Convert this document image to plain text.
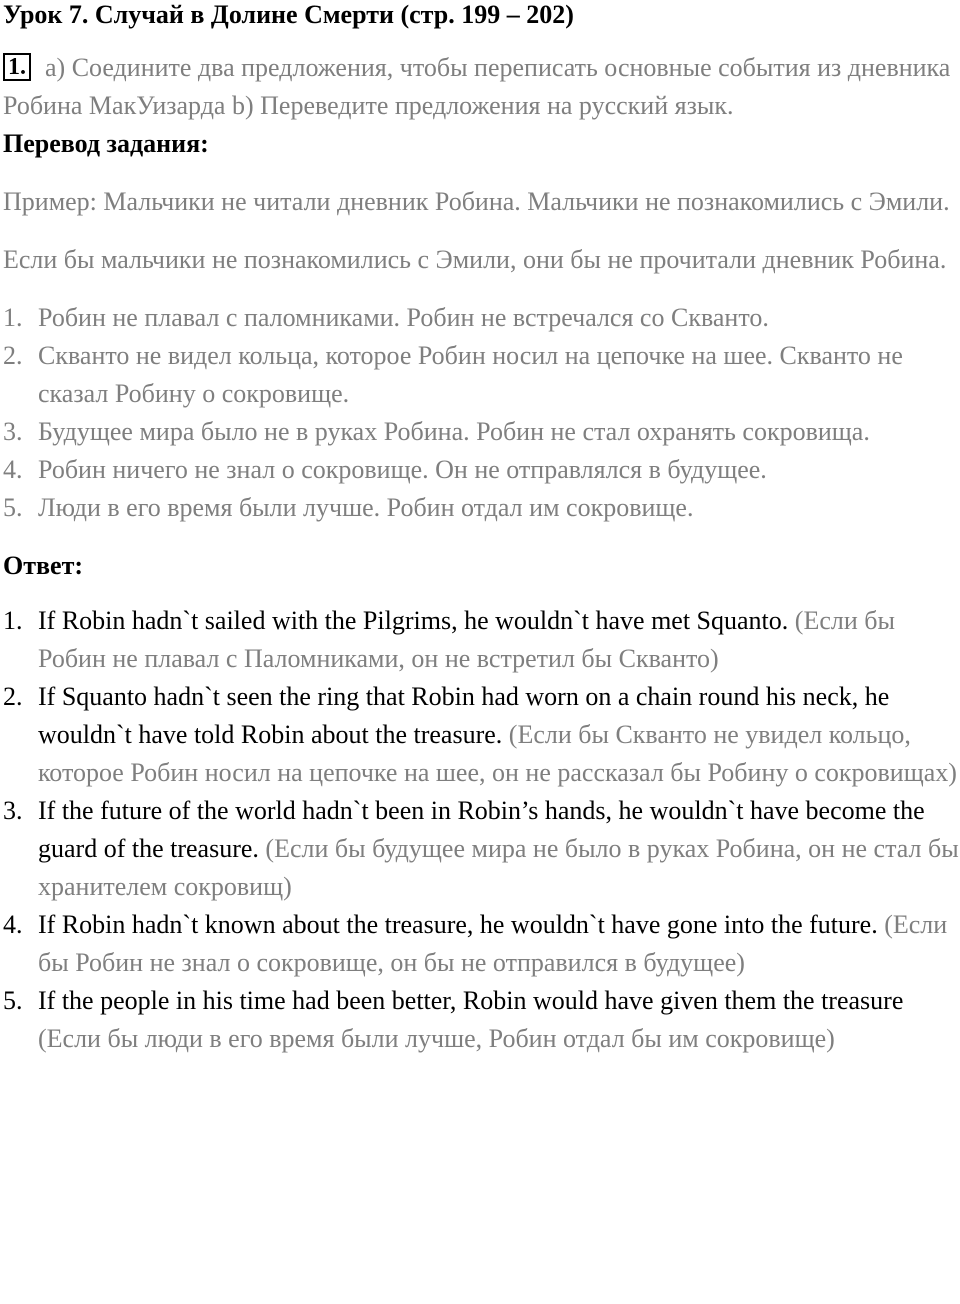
Урок 7. Случай в Долине Смерти (стр. 199 – 202)
1. a) Соедините два предложения, чтобы переписать основные события из дневника Робина МакУизарда b) Переведите предложения на русский язык.
Перевод задания:

Пример: Мальчики не читали дневник Робина. Мальчики не познакомились с Эмили.

Если бы мальчики не познакомились с Эмили, они бы не прочитали дневник Робина.

1. Робин не плавал с паломниками. Робин не встречался со Скванто.
2. Скванто не видел кольца, которое Робин носил на цепочке на шее. Скванто не сказал Робину о сокровище.
3. Будущее мира было не в руках Робина. Робин не стал охранять сокровища.
4. Робин ничего не знал о сокровище. Он не отправлялся в будущее.
5. Люди в его время были лучше. Робин отдал им сокровище.
Ответ:
1. If Robin hadn`t sailed with the Pilgrims, he wouldn`t have met Squanto. (Если бы Робин не плавал с Паломниками, он не встретил бы Скванто)
2. If Squanto hadn`t seen the ring that Robin had worn on a chain round his neck, he wouldn`t have told Robin about the treasure. (Если бы Скванто не увидел кольцо, которое Робин носил на цепочке на шее, он не рассказал бы Робину о сокровищах)
3. If the future of the world hadn`t been in Robin’s hands, he wouldn`t have become the guard of the treasure. (Если бы будущее мира не было в руках Робина, он не стал бы хранителем сокровищ)
4. If Robin hadn`t known about the treasure, he wouldn`t have gone into the future. (Если бы Робин не знал о сокровище, он бы не отправился в будущее)
5. If the people in his time had been better, Robin would have given them the treasure (Если бы люди в его время были лучше, Робин отдал бы им сокровище)
